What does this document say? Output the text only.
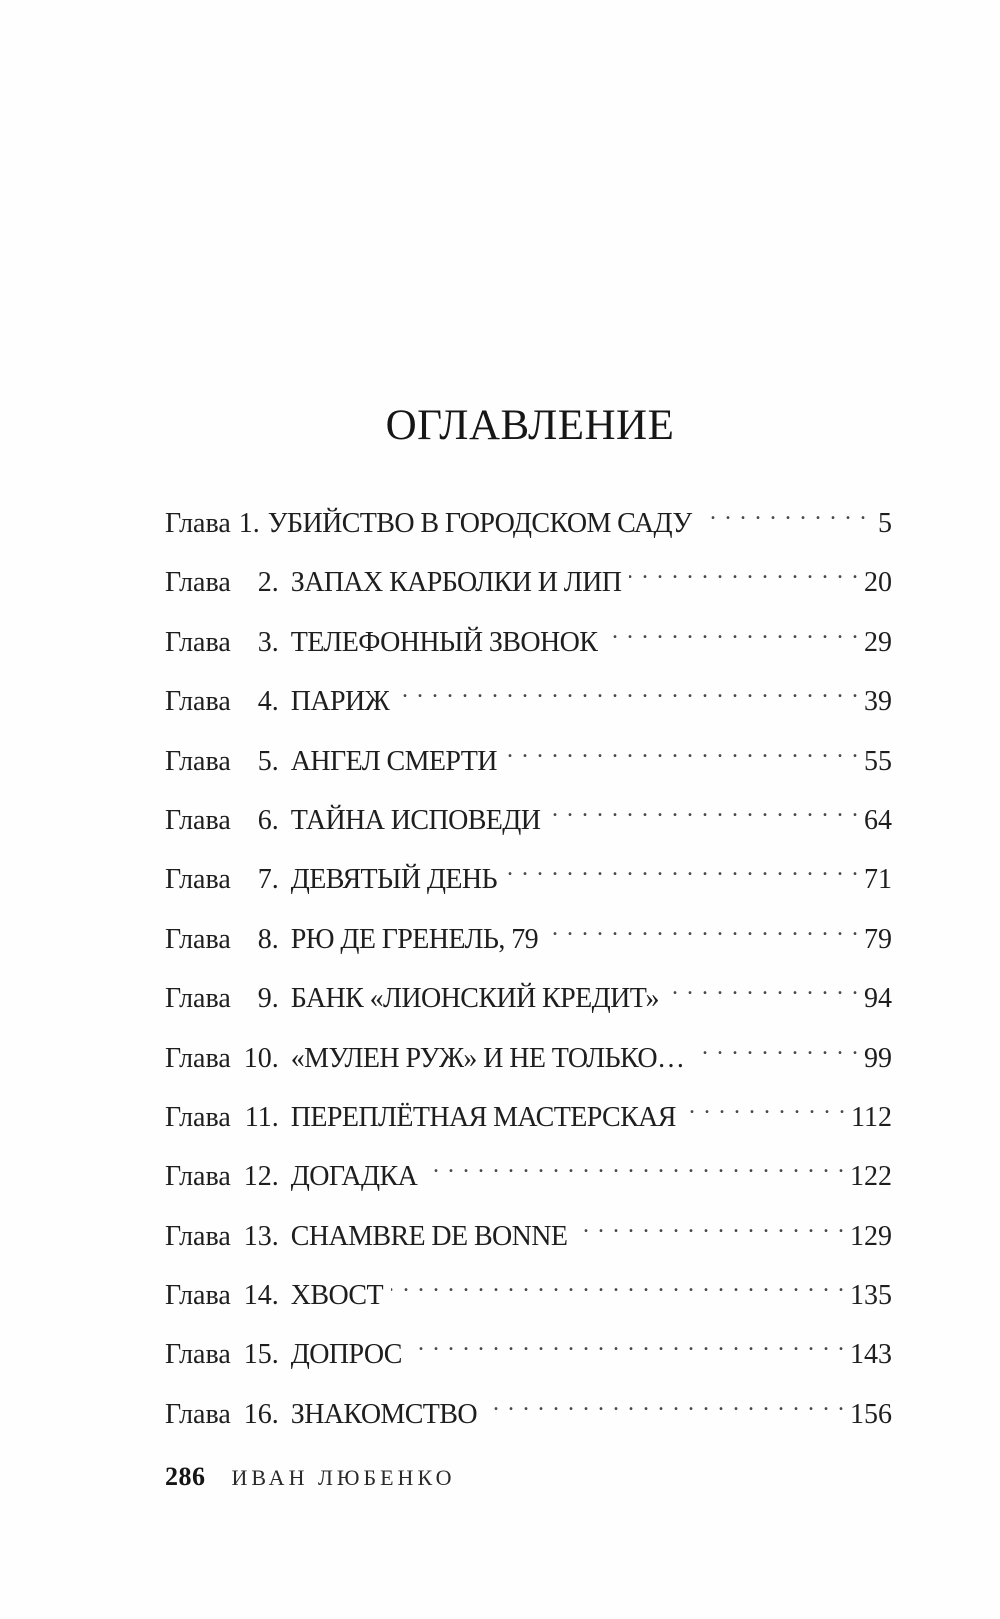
ОГЛАВЛЕНИЕ
Глава 1. УБИЙСТВО В ГОРОДСКОМ САДУ . . .	5
Глава 2. ЗАПАХ КАРБОЛКИ И ЛИП . . .	20
Глава 3. ТЕЛЕФОННЫЙ ЗВОНОК . . .	29
Глава 4. ПАРИЖ . . .	39
Глава 5. АНГЕЛ СМЕРТИ . . .	55
Глава 6. ТАЙНА ИСПОВЕДИ . . .	64
Глава 7. ДЕВЯТЫЙ ДЕНЬ . . .	71
Глава 8. РЮ ДЕ ГРЕНЕЛЬ, 79 . . .	79
Глава 9. БАНК «ЛИОНСКИЙ КРЕДИТ» . . .	94
Глава 10. «МУЛЕН РУЖ» И НЕ ТОЛЬКО… . . .	99
Глава 11. ПЕРЕПЛЁТНАЯ МАСТЕРСКАЯ . . .	112
Глава 12. ДОГАДКА . . .	122
Глава 13. CHAMBRE DE BONNE . . .	129
Глава 14. ХВОСТ . . .	135
Глава 15. ДОПРОС . . .	143
Глава 16. ЗНАКОМСТВО . . .	156
286 ИВАН ЛЮБЕНКО
